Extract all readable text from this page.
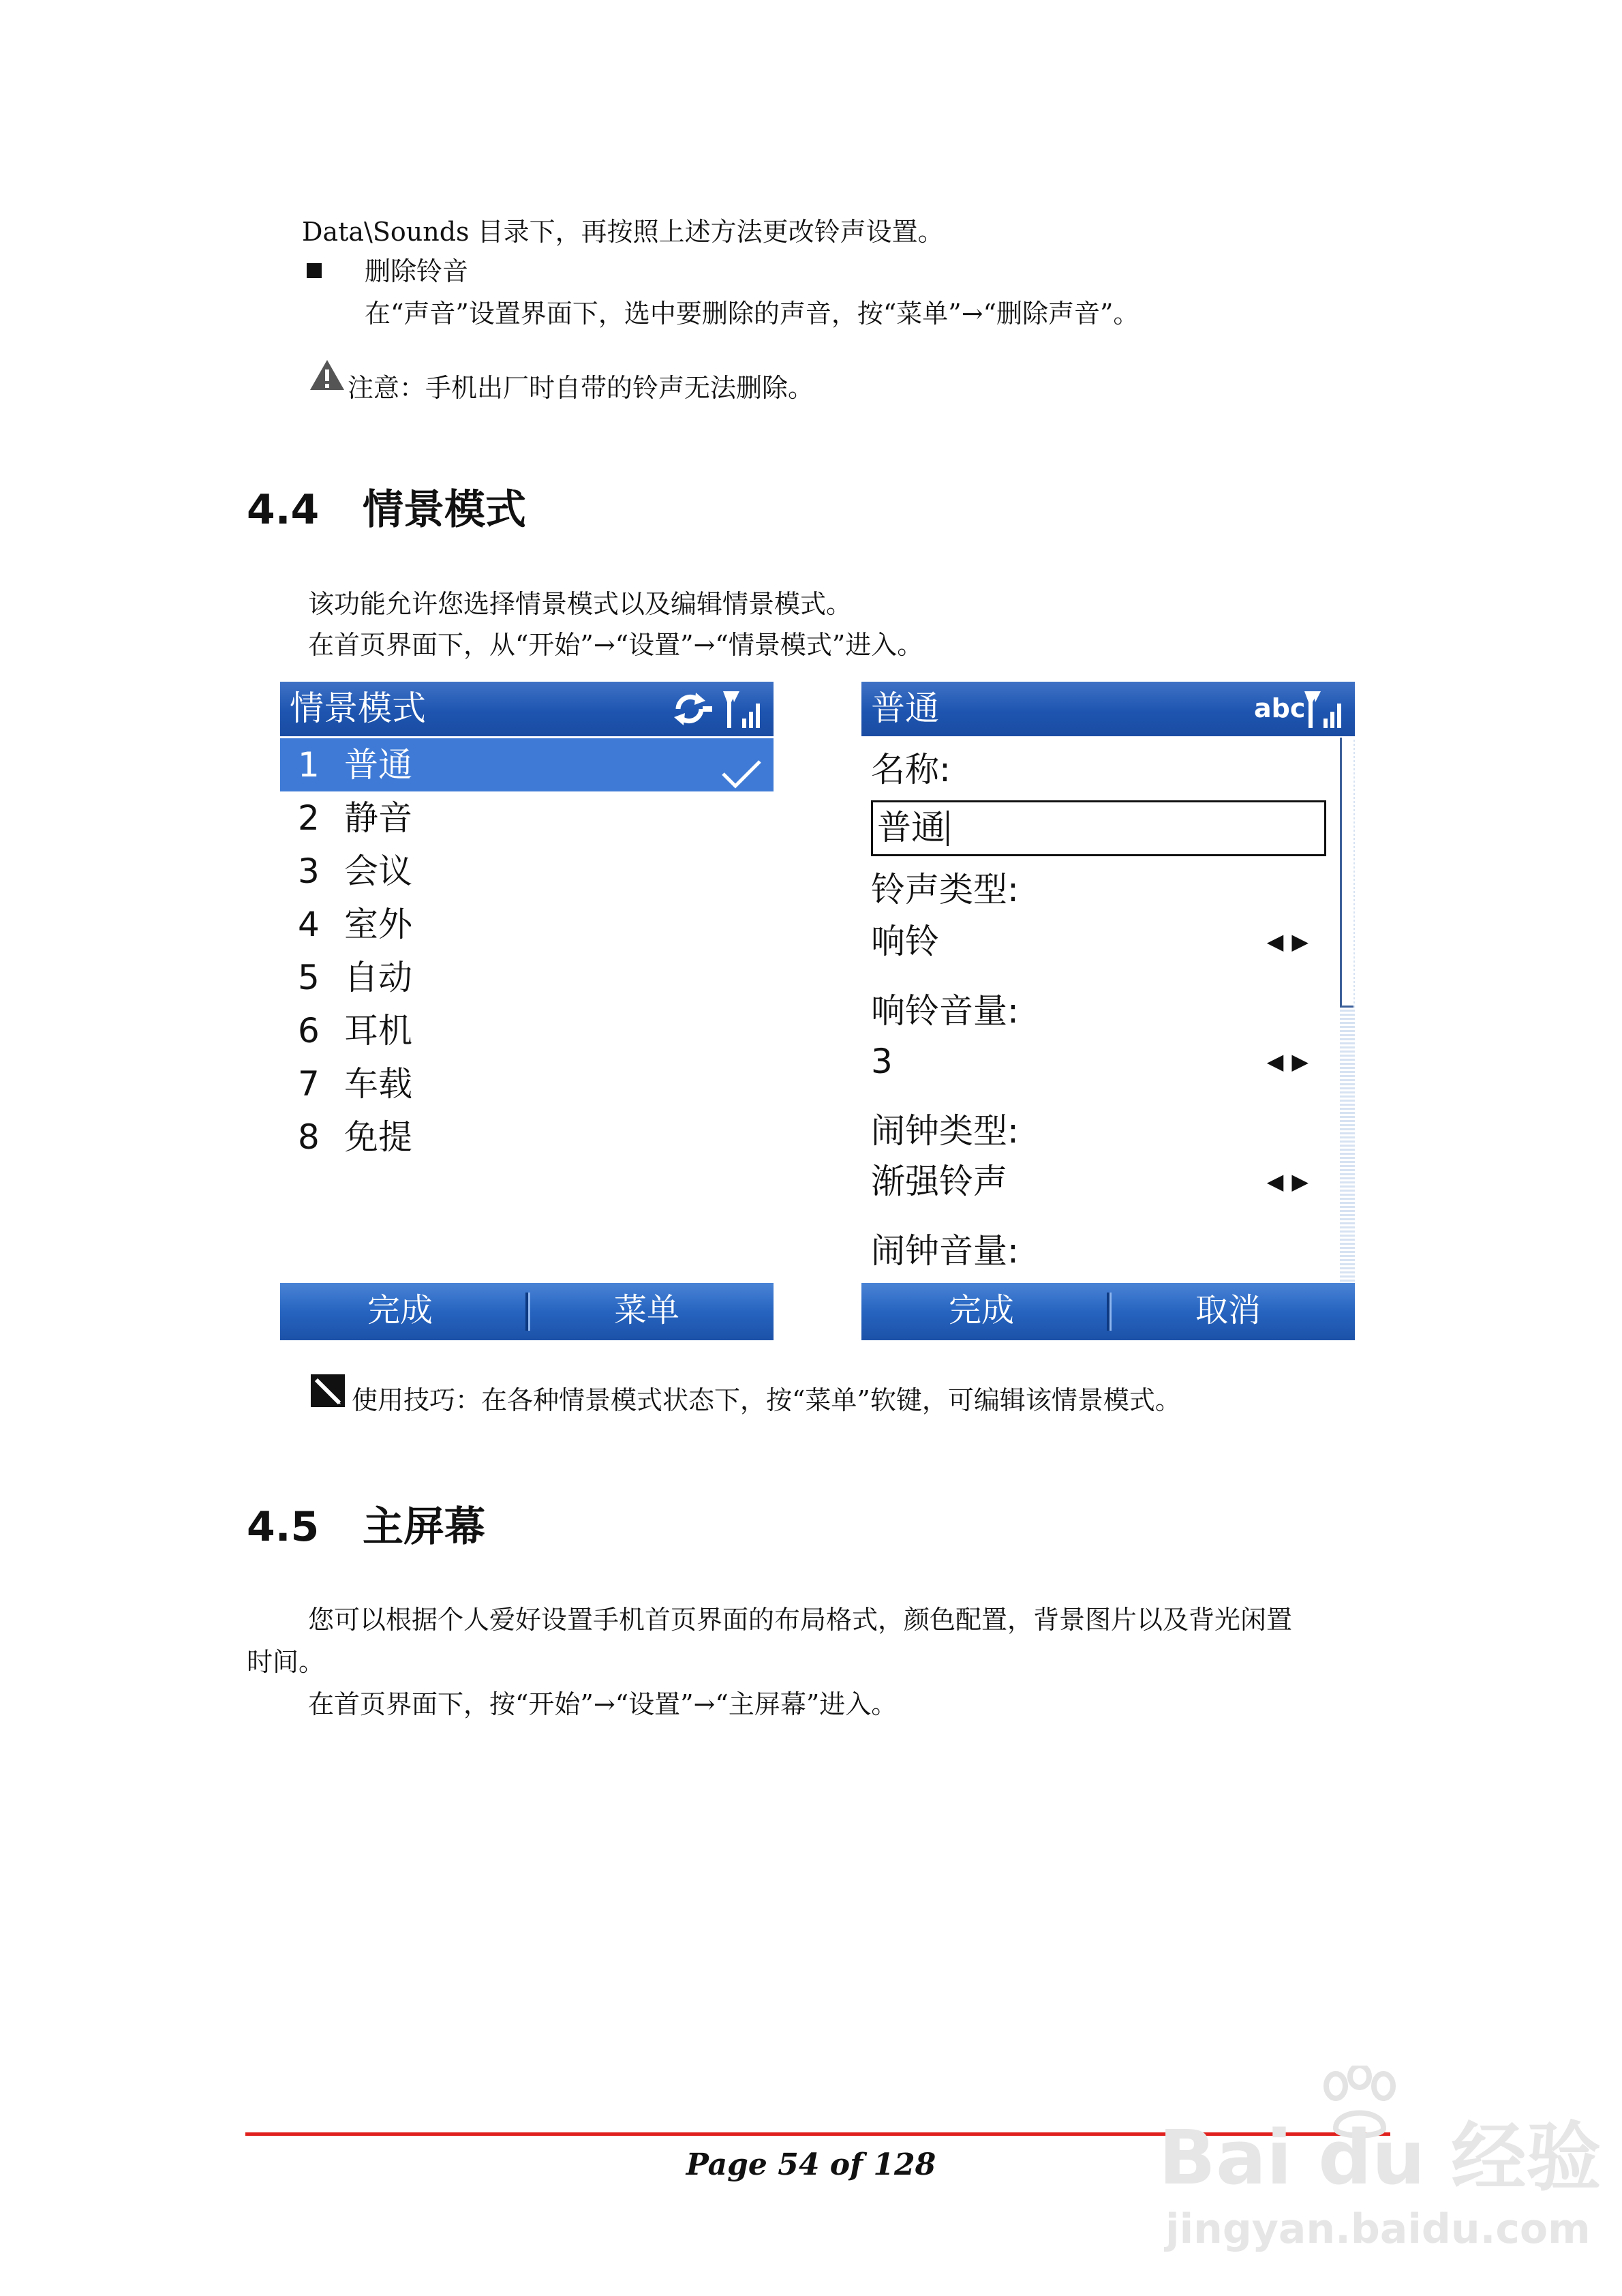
Data\Sounds 目录下，再按照上述方法更改铃声设置。
删除铃音
在“声音”设置界面下，选中要删除的声音，按“菜单”→“删除声音”。
注意：手机出厂时自带的铃声无法删除。
4.4 情景模式
该功能允许您选择情景模式以及编辑情景模式。
在首页界面下，从“开始”→“设置”→“情景模式”进入。
情景模式
1 普通
2 静音
3 会议
4 室外
5 自动
6 耳机
7 车载
8 免提
完成	菜单
普通	abc
名称:
普通
铃声类型:
响铃	◀▶
响铃音量:
3	◀▶
闹钟类型:
渐强铃声	◀▶
闹钟音量:
完成	取消
使用技巧：在各种情景模式状态下，按“菜单”软键，可编辑该情景模式。
4.5 主屏幕
您可以根据个人爱好设置手机首页界面的布局格式，颜色配置，背景图片以及背光闲置
时间。
在首页界面下，按“开始”→“设置”→“主屏幕”进入。
Page 54 of 128	Bai du 经验
jingyan.baidu.com
